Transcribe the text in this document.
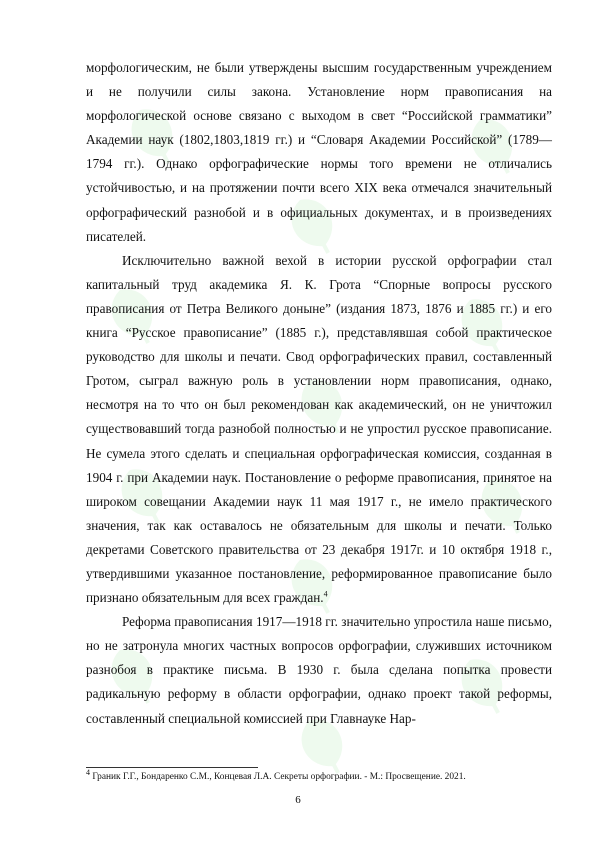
морфологическим, не были утверждены высшим государственным учреждением и не получили силы закона. Установление норм правописания на морфологической основе связано с выходом в свет “Российской грамматики” Академии наук (1802,1803,1819 гг.) и “Словаря Академии Российской” (1789—1794 гг.). Однако орфографические нормы того времени не отличались устойчивостью, и на протяжении почти всего XIX века отмечался значительный орфографический разнобой и в официальных документах, и в произведениях писателей.

Исключительно важной вехой в истории русской орфографии стал капитальный труд академика Я. К. Грота “Спорные вопросы русского правописания от Петра Великого доныне” (издания 1873, 1876 и 1885 гг.) и его книга “Русское правописание” (1885 г.), представлявшая собой практическое руководство для школы и печати. Свод орфографических правил, составленный Гротом, сыграл важную роль в установлении норм правописания, однако, несмотря на то что он был рекомендован как академический, он не уничтожил существовавший тогда разнобой полностью и не упростил русское правописание. Не сумела этого сделать и специальная орфографическая комиссия, созданная в 1904 г. при Академии наук. Постановление о реформе правописания, принятое на широком совещании Академии наук 11 мая 1917 г., не имело практического значения, так как оставалось не обязательным для школы и печати. Только декретами Советского правительства от 23 декабря 1917г. и 10 октября 1918 г., утвердившими указанное постановление, реформированное правописание было признано обязательным для всех граждан.$^4$

Реформа правописания 1917—1918 гг. значительно упростила наше письмо, но не затронула многих частных вопросов орфографии, служивших источником разнобоя в практике письма. В 1930 г. была сделана попытка провести радикальную реформу в области орфографии, однако проект такой реформы, составленный специальной комиссией при Главнауке Нар-

$^4$ Граник Г.Г., Бондаренко С.М., Концевая Л.А. Секреты орфографии. - М.: Просвещение. 2021.
6
